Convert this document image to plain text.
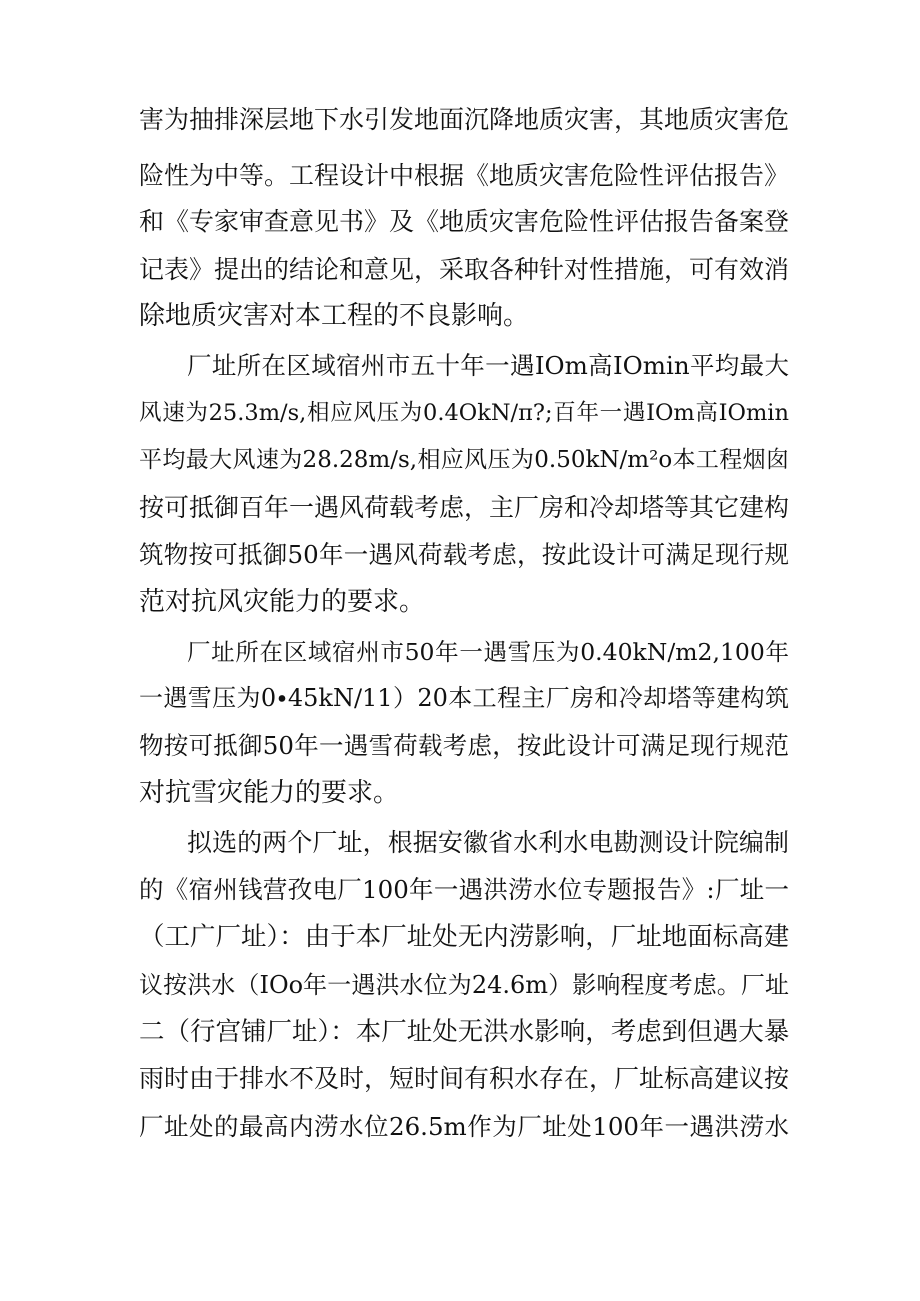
害为抽排深层地下水引发地面沉降地质灾害，其地质灾害危
险性为中等。工程设计中根据《地质灾害危险性评估报告》
和《专家审查意见书》及《地质灾害危险性评估报告备案登
记表》提出的结论和意见，采取各种针对性措施，可有效消
除地质灾害对本工程的不良影响。
厂址所在区域宿州市五十年一遇IOm高IOmin平均最大
风速为25.3m∕s,相应风压为0.4OkN∕π?;百年一遇IOm高IOmin
平均最大风速为28.28m∕s,相应风压为0.50kN∕m²o本工程烟囱
按可抵御百年一遇风荷载考虑，主厂房和冷却塔等其它建构
筑物按可抵御50年一遇风荷载考虑，按此设计可满足现行规
范对抗风灾能力的要求。
厂址所在区域宿州市50年一遇雪压为0.40kN∕m2,100年
一遇雪压为0∙45kN∕11）20本工程主厂房和冷却塔等建构筑
物按可抵御50年一遇雪荷载考虑，按此设计可满足现行规范
对抗雪灾能力的要求。
拟选的两个厂址，根据安徽省水利水电勘测设计院编制
的《宿州钱营孜电厂100年一遇洪涝水位专题报告》:厂址一
（工广厂址）：由于本厂址处无内涝影响，厂址地面标高建
议按洪水（IOo年一遇洪水位为24.6m）影响程度考虑。厂址
二（行宫铺厂址）：本厂址处无洪水影响，考虑到但遇大暴
雨时由于排水不及时，短时间有积水存在，厂址标高建议按
厂址处的最高内涝水位26.5m作为厂址处100年一遇洪涝水
